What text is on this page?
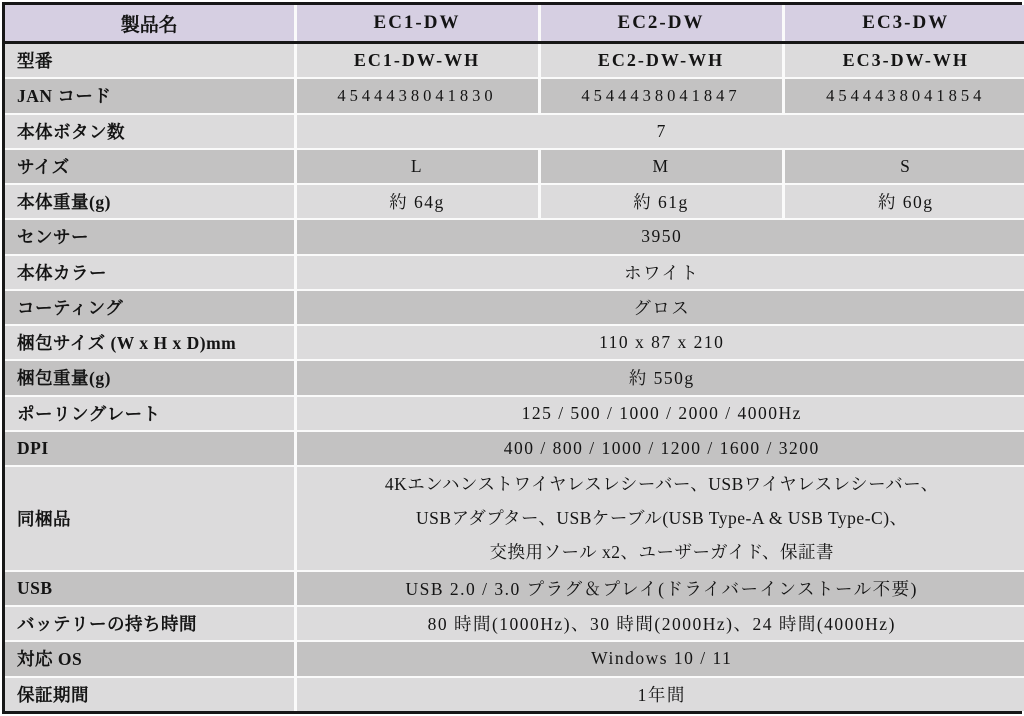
製品名	EC1-DW	EC2-DW	EC3-DW
型番	EC1-DW-WH	EC2-DW-WH	EC3-DW-WH
JAN コード	4544438041830	4544438041847	4544438041854
本体ボタン数	7		
サイズ	L	M	S
本体重量(g)	約 64g	約 61g	約 60g
センサー	3950		
本体カラー	ホワイト		
コーティング	グロス		
梱包サイズ (W x H x D)mm	110 x 87 x 210		
梱包重量(g)	約 550g		
ポーリングレート	125 / 500 / 1000 / 2000 / 4000Hz		
DPI	400 / 800 / 1000 / 1200 / 1600 / 3200		
同梱品	4Kエンハンストワイヤレスレシーバー、USBワイヤレスレシーバー、
USBアダプター、USBケーブル(USB Type-A & USB Type-C)、
交換用ソール x2、ユーザーガイド、保証書		

USB	USB 2.0 / 3.0 プラグ＆プレイ(ドライバーインストール不要)		
バッテリーの持ち時間	80 時間(1000Hz)、30 時間(2000Hz)、24 時間(4000Hz)		
対応 OS	Windows 10 / 11		
保証期間	1年間		
